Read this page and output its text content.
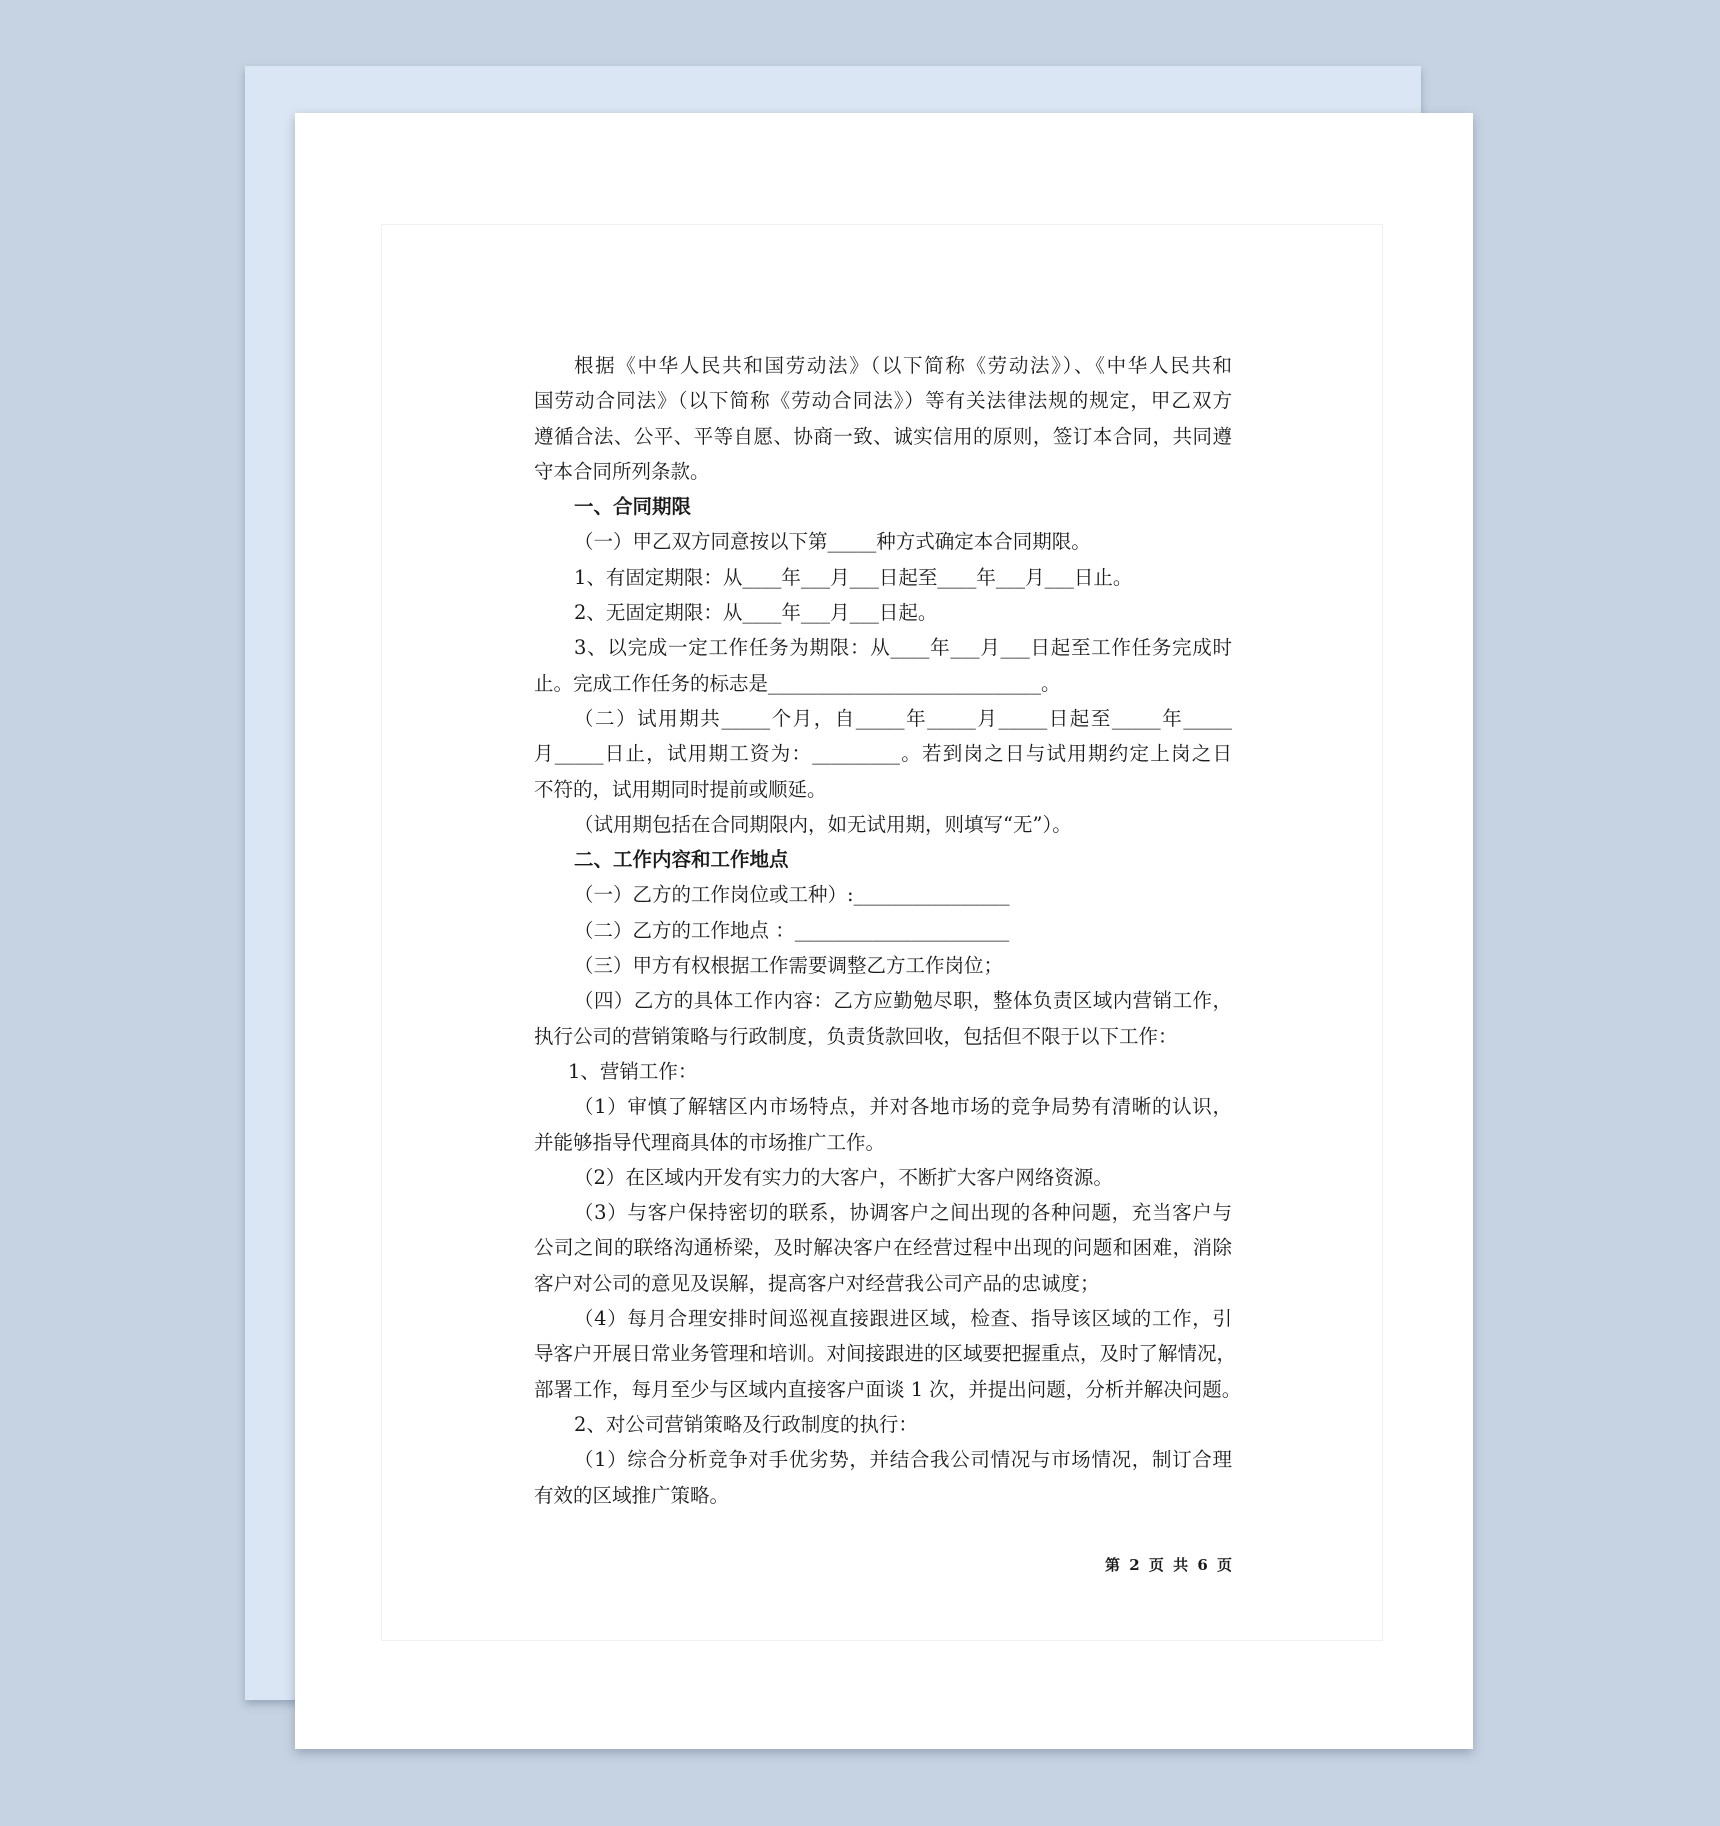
根据《中华人民共和国劳动法》（以下简称《劳动法》）、《中华人民共和
国劳动合同法》（以下简称《劳动合同法》）等有关法律法规的规定，甲乙双方
遵循合法、公平、平等自愿、协商一致、诚实信用的原则，签订本合同，共同遵
守本合同所列条款。
一、合同期限
（一）甲乙双方同意按以下第_____种方式确定本合同期限。
1、有固定期限：从____年___月___日起至____年___月___日止。
2、无固定期限：从____年___月___日起。
3、以完成一定工作任务为期限：从____年___月___日起至工作任务完成时
止。完成工作任务的标志是____________________________。
（二）试用期共_____个月，自_____年_____月_____日起至_____年_____
月_____日止，试用期工资为：_________。若到岗之日与试用期约定上岗之日
不符的，试用期同时提前或顺延。
（试用期包括在合同期限内，如无试用期，则填写“无”）。
二、工作内容和工作地点
（一）乙方的工作岗位或工种）:________________
（二）乙方的工作地点 ：______________________
（三）甲方有权根据工作需要调整乙方工作岗位；
（四）乙方的具体工作内容：乙方应勤勉尽职，整体负责区域内营销工作，
执行公司的营销策略与行政制度，负责货款回收，包括但不限于以下工作：
1、营销工作：
（1）审慎了解辖区内市场特点，并对各地市场的竞争局势有清晰的认识，
并能够指导代理商具体的市场推广工作。
（2）在区域内开发有实力的大客户，不断扩大客户网络资源。
（3）与客户保持密切的联系，协调客户之间出现的各种问题，充当客户与
公司之间的联络沟通桥梁，及时解决客户在经营过程中出现的问题和困难，消除
客户对公司的意见及误解，提高客户对经营我公司产品的忠诚度；
（4）每月合理安排时间巡视直接跟进区域，检查、指导该区域的工作，引
导客户开展日常业务管理和培训。对间接跟进的区域要把握重点，及时了解情况，
部署工作，每月至少与区域内直接客户面谈 1 次，并提出问题，分析并解决问题。
2、对公司营销策略及行政制度的执行：
（1）综合分析竞争对手优劣势，并结合我公司情况与市场情况，制订合理
有效的区域推广策略。
第 2 页 共 6 页
